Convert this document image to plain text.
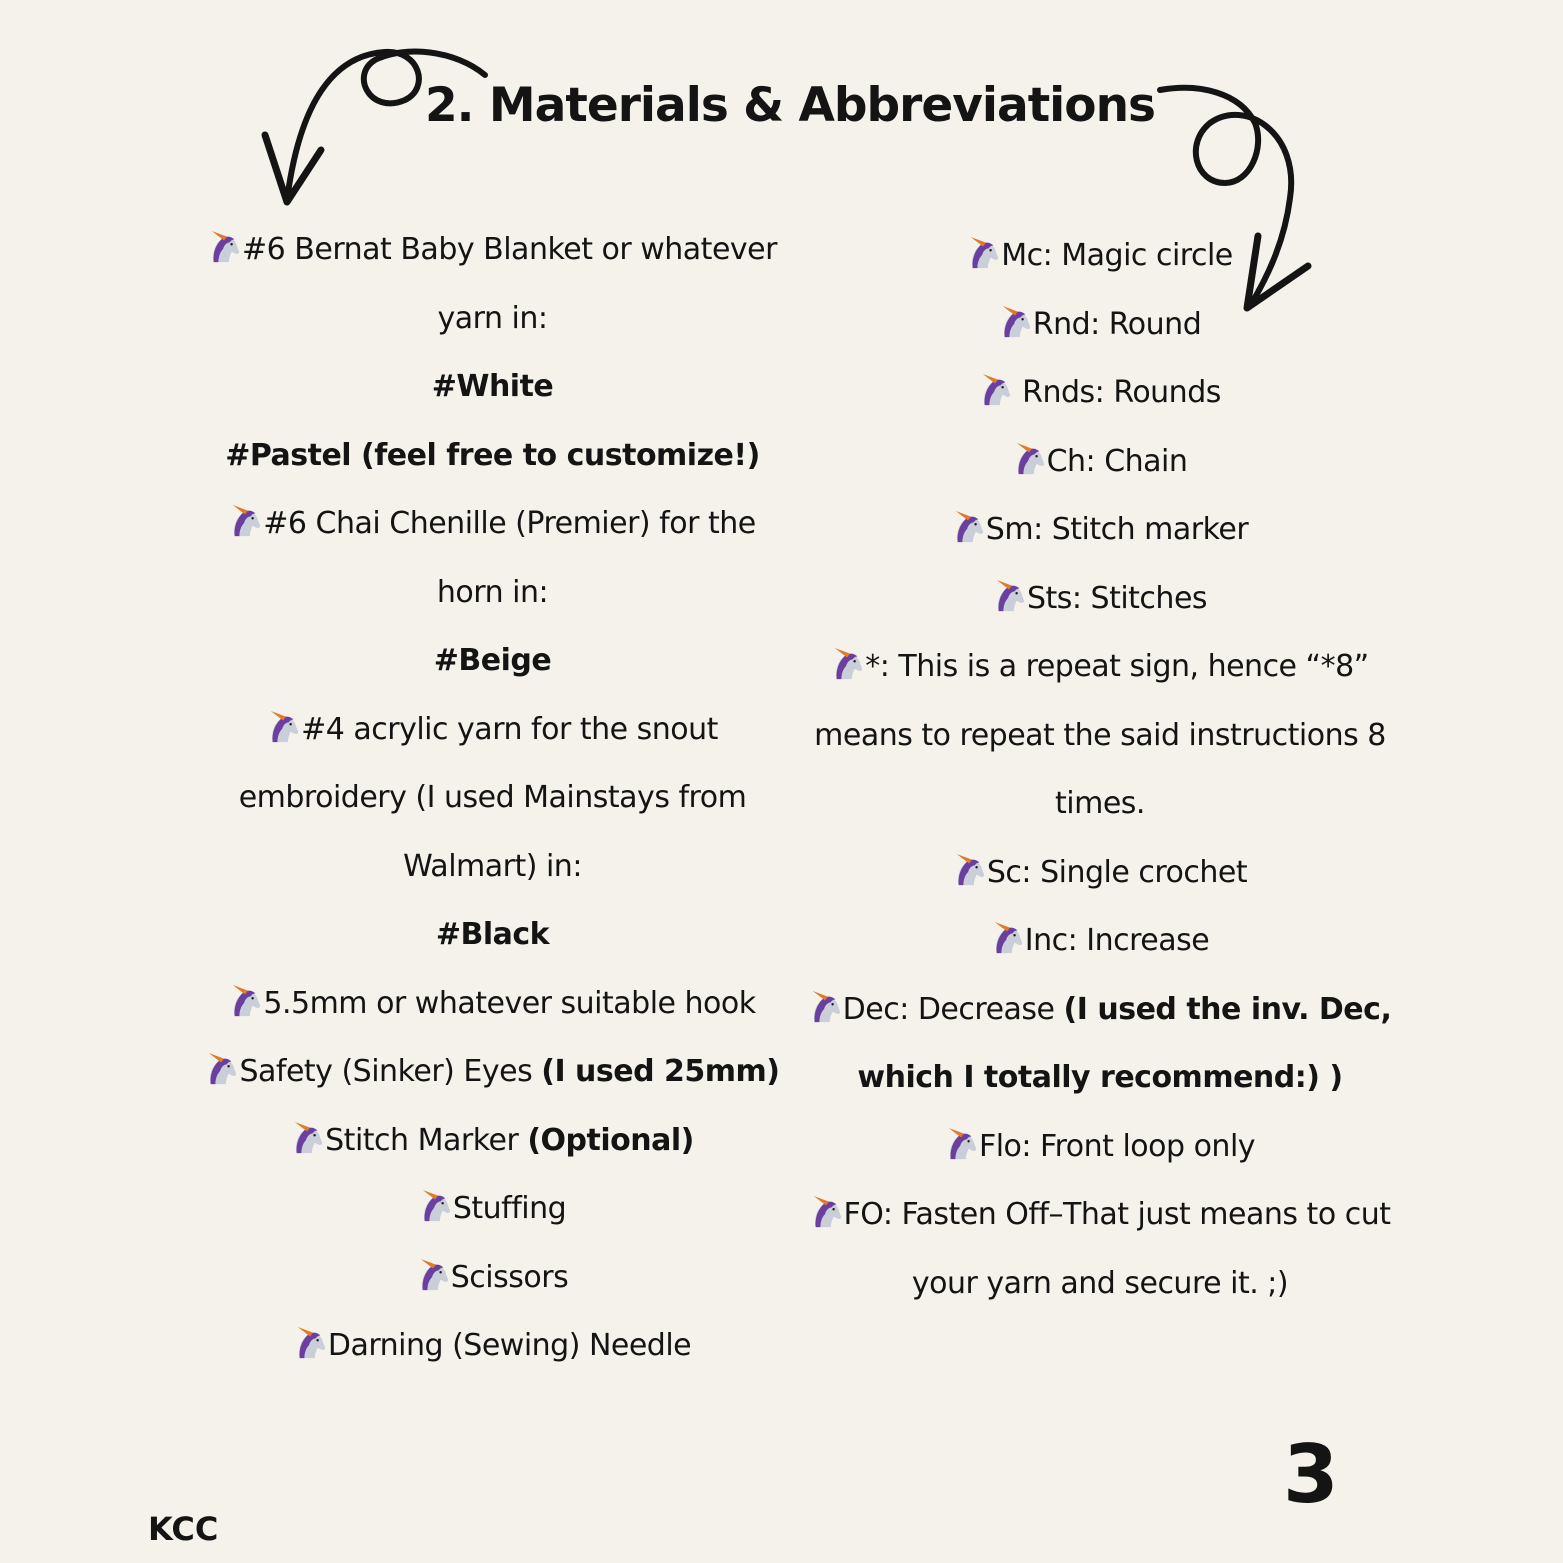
2. Materials & Abbreviations
#6 Bernat Baby Blanket or whatever
yarn in:
#White
#Pastel (feel free to customize!)
#6 Chai Chenille (Premier) for the
horn in:
#Beige
#4 acrylic yarn for the snout
embroidery (I used Mainstays from
Walmart) in:
#Black
5.5mm or whatever suitable hook
Safety (Sinker) Eyes (I used 25mm)
Stitch Marker (Optional)
Stuffing
Scissors
Darning (Sewing) Needle
Mc: Magic circle
Rnd: Round
Rnds: Rounds
Ch: Chain
Sm: Stitch marker
Sts: Stitches
*: This is a repeat sign, hence “*8”
means to repeat the said instructions 8
times.
Sc: Single crochet
Inc: Increase
Dec: Decrease (I used the inv. Dec,
which I totally recommend:) )
Flo: Front loop only
FO: Fasten Off–That just means to cut
your yarn and secure it. ;)
KCC
3
